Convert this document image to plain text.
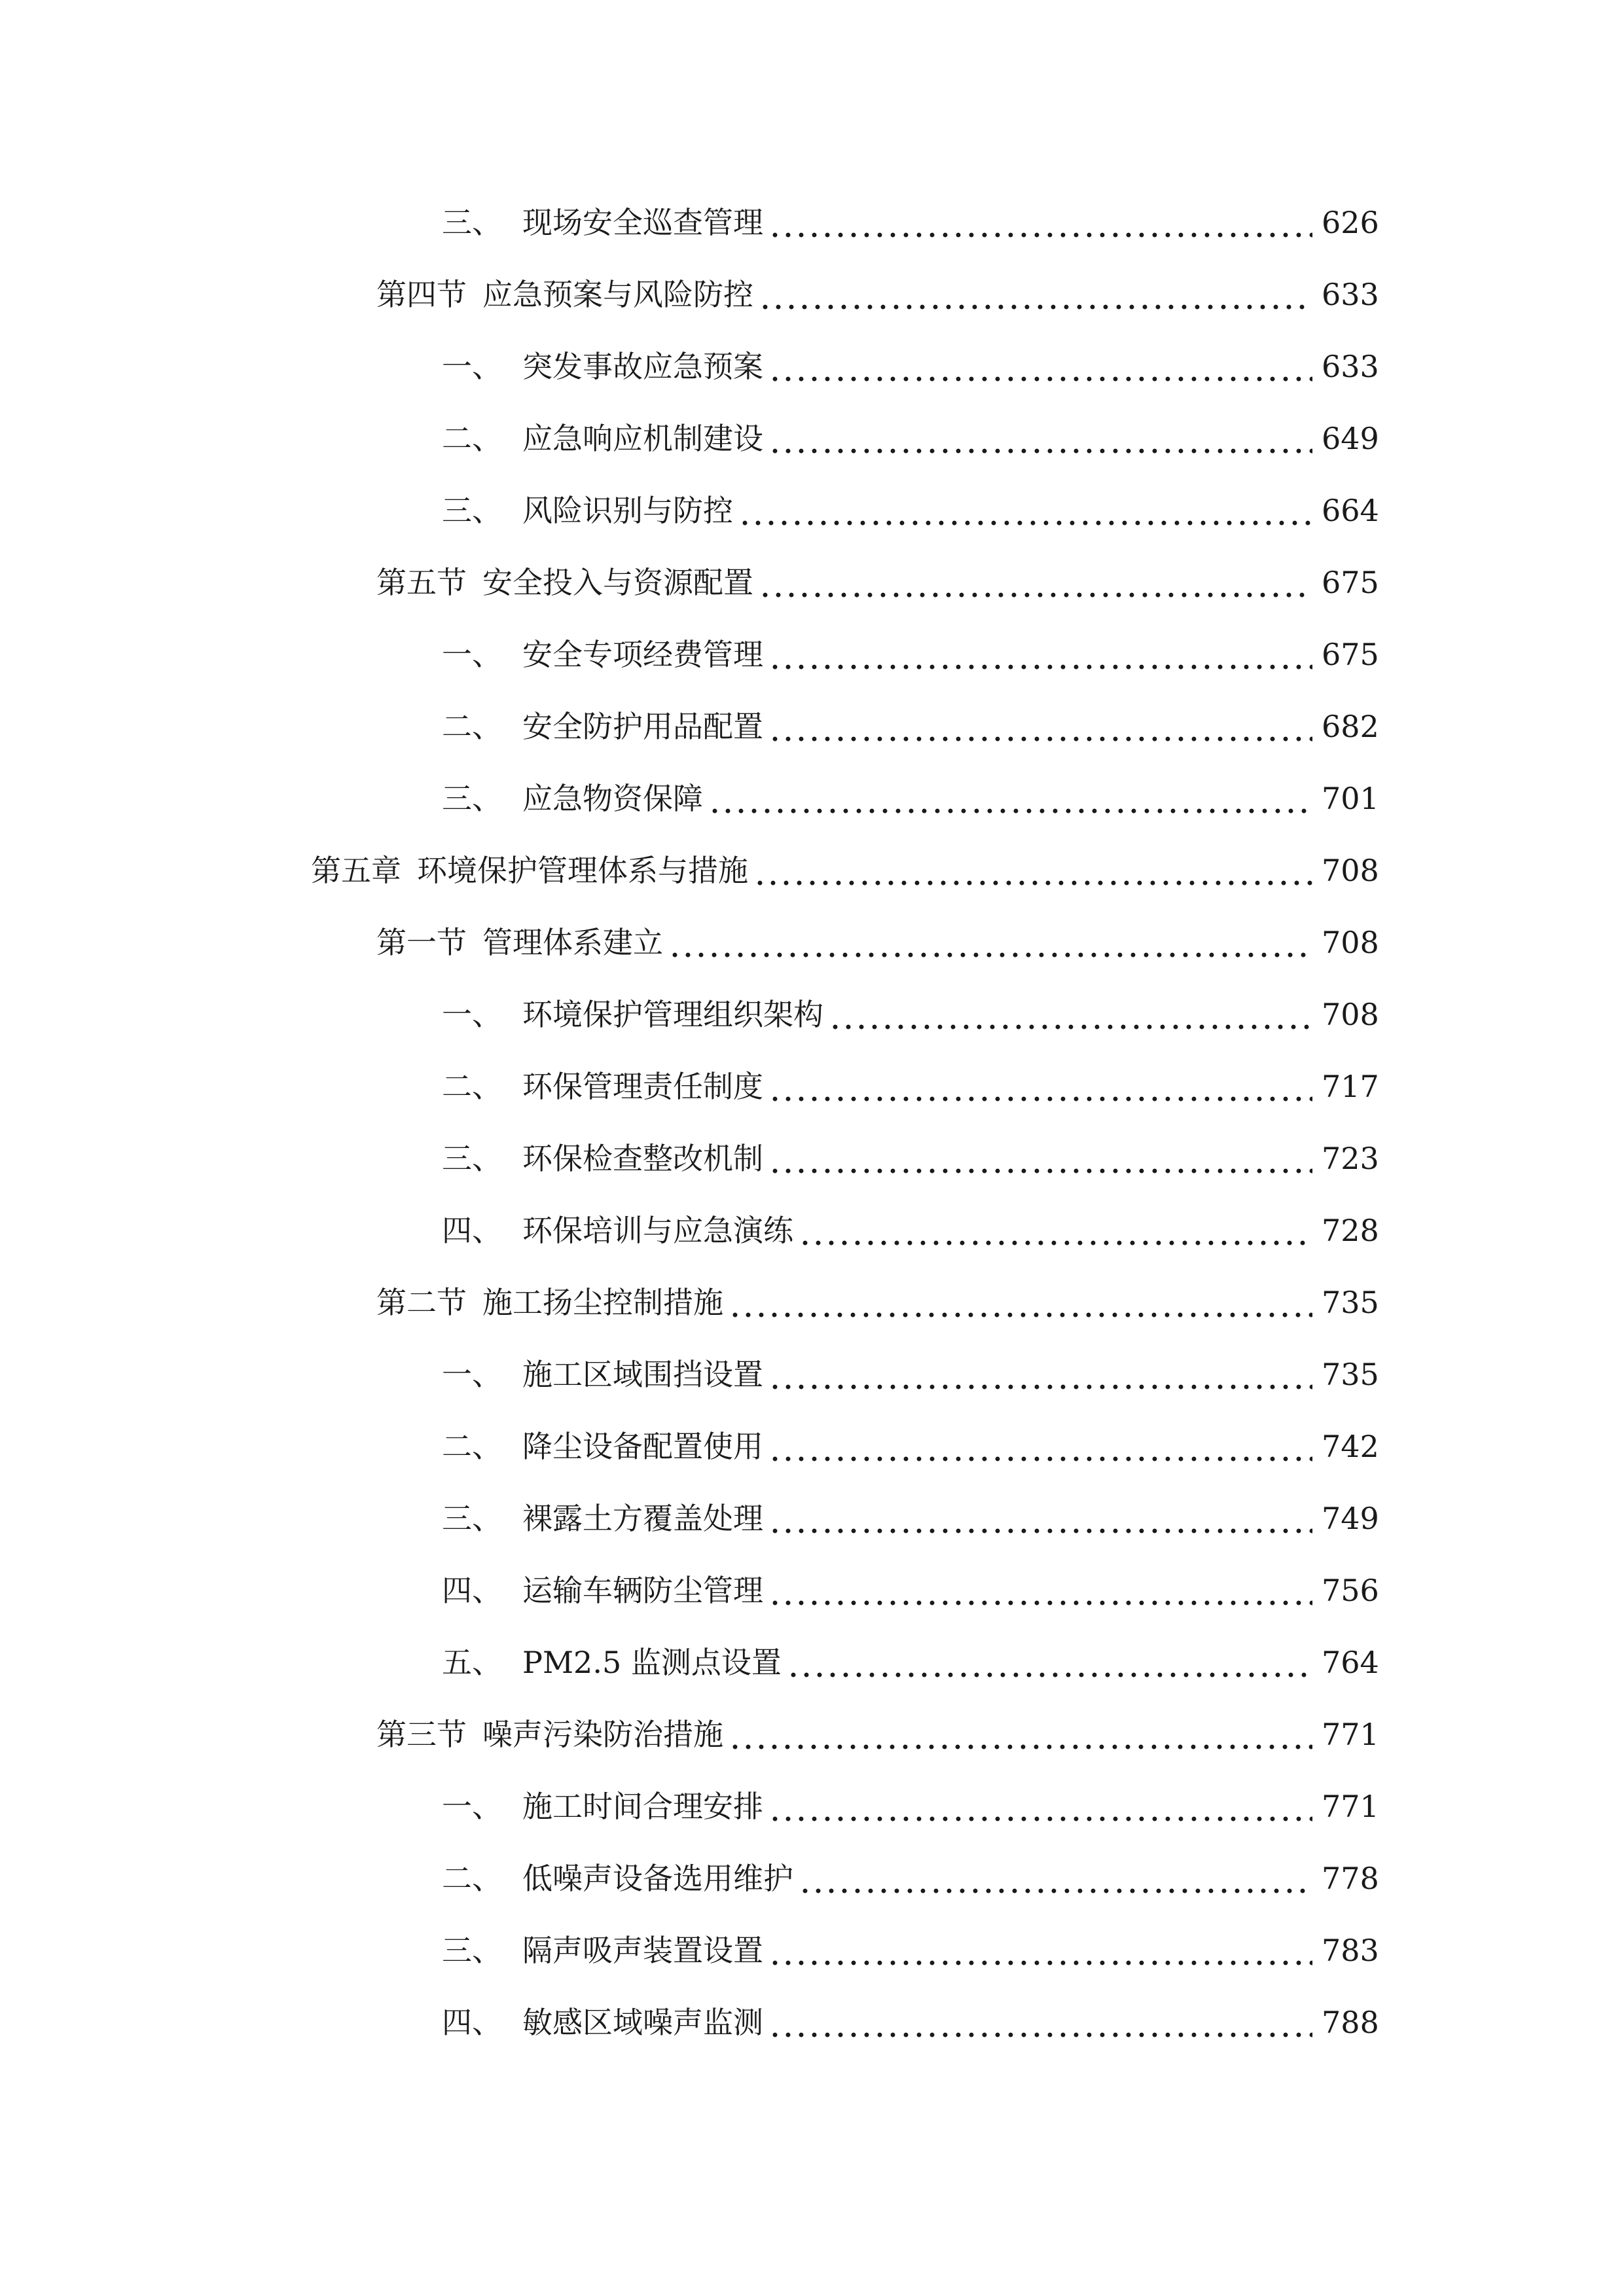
三、 现场安全巡查管理	626
第四节 应急预案与风险防控	633
一、 突发事故应急预案	633
二、 应急响应机制建设	649
三、 风险识别与防控	664
第五节 安全投入与资源配置	675
一、 安全专项经费管理	675
二、 安全防护用品配置	682
三、 应急物资保障	701
第五章 环境保护管理体系与措施	708
第一节 管理体系建立	708
一、 环境保护管理组织架构	708
二、 环保管理责任制度	717
三、 环保检查整改机制	723
四、 环保培训与应急演练	728
第二节 施工扬尘控制措施	735
一、 施工区域围挡设置	735
二、 降尘设备配置使用	742
三、 裸露土方覆盖处理	749
四、 运输车辆防尘管理	756
五、 PM2.5 监测点设置	764
第三节 噪声污染防治措施	771
一、 施工时间合理安排	771
二、 低噪声设备选用维护	778
三、 隔声吸声装置设置	783
四、 敏感区域噪声监测	788
